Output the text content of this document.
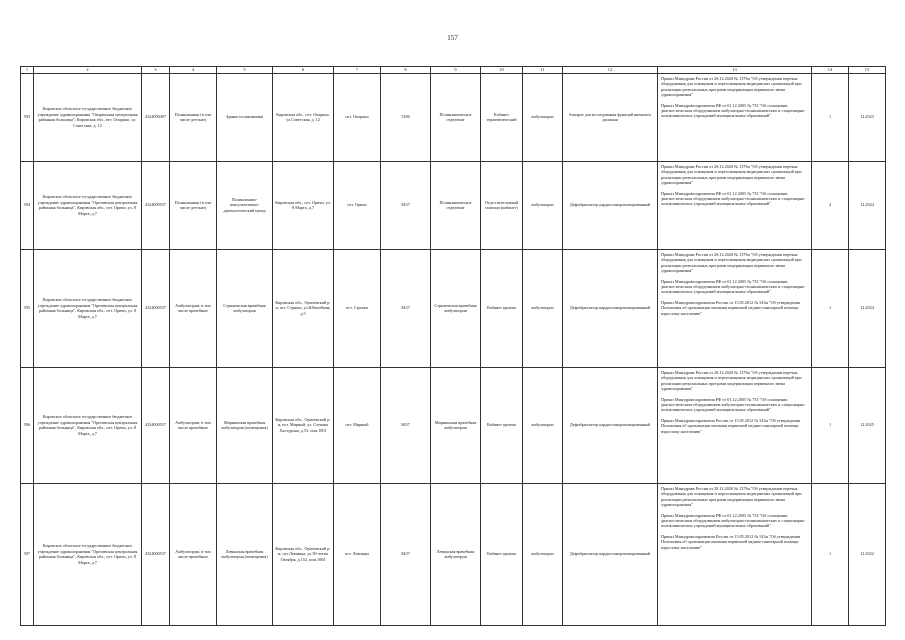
157
1	2	3	4	5	6	7	8	9	10	11	12	13	14	15
593	Кировское областное государственное бюджетное учреждение здравоохранения "Опаринская центральная районная больница", Кировская обл., пгт. Опарино, ул. Советская, д. 12	4324000497	Поликлиники (в том числе детские)	Здание поликлиники	Кировская обл., пгт. Опарино, ул.Советская, д. 12	пгт. Опарино	5186	Поликлиническое отделение	Кабинет терапевтический	амбулаторно	Аппарат для исследования функций внешнего дыхания	Приказ Минздрава России от 28.12.2020 № 1379н "Об утверждении перечня оборудования для оснащения и переоснащения медицинских организаций при реализации региональных программ модернизации первичного звена здравоохранения"
Приказ Минздравсоцразвития РФ от 01.12.2005 № 753 "Об оснащении диагностическим оборудованием амбулаторно-поликлинических и стационарно-поликлинических учреждений муниципальных образований"	1	12.2023
594	Кировское областное государственное бюджетное учреждение здравоохранения "Оричевская центральная районная больница", Кировская обл., пгт. Оричи, ул. 8 Марта, д.7	4324000537	Поликлиники (в том числе детские)	Поликлинико-консультативно-диагностический центр	Кировская обл., пгт. Оричи, ул. 8 Марта, д.7	пгт. Оричи	8437	Поликлиническое отделение	Отдел неотложной помощи (кабинет)	амбулаторно	Дефибриллятор кардиосинхронизированный	Приказ Минздрава России от 28.12.2020 № 1379н "Об утверждении перечня оборудования для оснащения и переоснащения медицинских организаций при реализации региональных программ модернизации первичного звена здравоохранения"
Приказ Минздравсоцразвития РФ от 01.12.2005 № 753 "Об оснащении диагностическим оборудованием амбулаторно-поликлинических и стационарно-поликлинических учреждений муниципальных образований"	4	12.2024
595	Кировское областное государственное бюджетное учреждение здравоохранения "Оричевская центральная районная больница", Кировская обл., пгт. Оричи, ул. 8 Марта, д.7	4324000537	Амбулатории, в том числе врачебные	Стрижевская врачебная амбулатория	Кировская обл., Оричевский р-н, пгт. Стрижи, ул.Юбилейная, д.5	пгт. Стрижи	8437	Стрижевская врачебная амбулатория	Кабинет приема	амбулаторно	Дефибриллятор кардиосинхронизированный	Приказ Минздрава России от 28.12.2020 № 1379н "Об утверждении перечня оборудования для оснащения и переоснащения медицинских организаций при реализации региональных программ модернизации первичного звена здравоохранения"
Приказ Минздравсоцразвития РФ от 01.12.2005 № 753 "Об оснащении диагностическим оборудованием амбулаторно-поликлинических и стационарно-поликлинических учреждений муниципальных образований"
Приказ Минздравсоцразвития России от 15.05.2012 № 543н "Об утверждении Положения об организации оказания первичной медико-санитарной помощи взрослому населению"	1	12.2024
596	Кировское областное государственное бюджетное учреждение здравоохранения "Оричевская центральная районная больница", Кировская обл., пгт. Оричи, ул. 8 Марта, д.7	4324000537	Амбулатории, в том числе врачебные	Мирнинская врачебная амбулатория (помещения)	Кировская обл., Оричевский р-н, пгт. Мирный, ул. Степана Халтурина, д.53, пом.1001	пгт. Мирный	8437	Мирнинская врачебная амбулатория	Кабинет приема	амбулаторно	Дефибриллятор кардиосинхронизированный	Приказ Минздрава России от 28.12.2020 № 1379н "Об утверждении перечня оборудования для оснащения и переоснащения медицинских организаций при реализации региональных программ модернизации первичного звена здравоохранения"
Приказ Минздравсоцразвития РФ от 01.12.2005 № 753 "Об оснащении диагностическим оборудованием амбулаторно-поликлинических и стационарно-поликлинических учреждений муниципальных образований"
Приказ Минздравсоцразвития России от 15.05.2012 № 543н "Об утверждении Положения об организации оказания первичной медико-санитарной помощи взрослому населению"	1	12.2025
597	Кировское областное государственное бюджетное учреждение здравоохранения "Оричевская центральная районная больница", Кировская обл., пгт. Оричи, ул. 8 Марта, д.7	4324000537	Амбулатории, в том числе врачебные	Левинская врачебная амбулатория (помещения)	Кировская обл., Оричевский р-н, пгт.Левинцы, ул.50-летия Октября, д.152, пом.1004	пгт. Левинцы	8437	Левинская врачебная амбулатория	Кабинет приема	амбулаторно	Дефибриллятор кардиосинхронизированный	Приказ Минздрава России от 28.12.2020 № 1379н "Об утверждении перечня оборудования для оснащения и переоснащения медицинских организаций при реализации региональных программ модернизации первичного звена здравоохранения"
Приказ Минздравсоцразвития РФ от 01.12.2005 № 753 "Об оснащении диагностическим оборудованием амбулаторно-поликлинических и стационарно-поликлинических учреждений муниципальных образований"
Приказ Минздравсоцразвития России от 15.05.2012 № 543н "Об утверждении Положения об организации оказания первичной медико-санитарной помощи взрослому населению"	1	12.2022
